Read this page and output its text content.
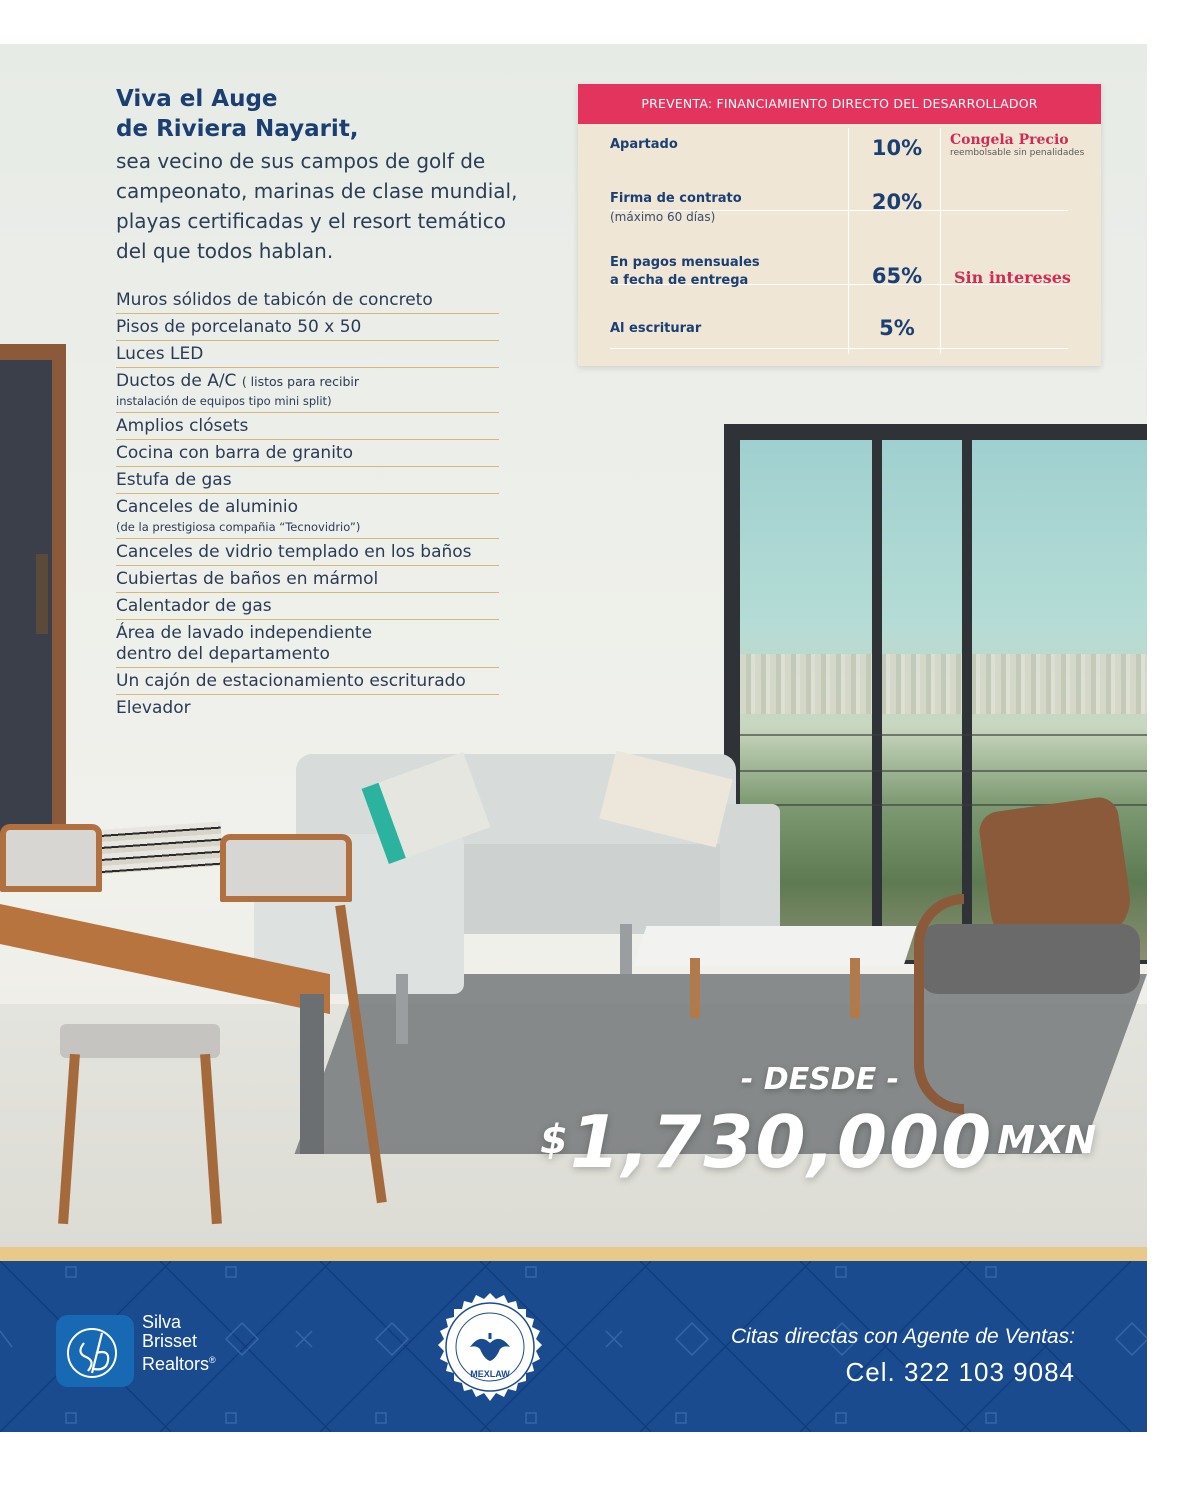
Viva el Auge
de Riviera Nayarit,
sea vecino de sus campos de golf de campeonato, marinas de clase mundial, playas certificadas y el resort temático del que todos hablan.
Muros sólidos de tabicón de concreto
Pisos de porcelanato 50 x 50
Luces LED
Ductos de A/C ( listos para recibir
instalación de equipos tipo mini split)
Amplios clósets
Cocina con barra de granito
Estufa de gas
Canceles de aluminio
(de la prestigiosa compañia “Tecnovidrio”)
Canceles de vidrio templado en los baños
Cubiertas de baños en mármol
Calentador de gas
Área de lavado independiente
dentro del departamento
Un cajón de estacionamiento escriturado
Elevador
PREVENTA: FINANCIAMIENTO DIRECTO DEL DESARROLLADOR
Apartado	10%	Congela Precio
reembolsable sin penalidades
Firma de contrato
(máximo 60 días)
20%
En pagos mensuales
a fecha de entrega	65%	Sin intereses
Al escriturar	5%
- DESDE -
$1,730,000 MXN
Silva
Brisset
Realtors®
MEXLAW
Citas directas con Agente de Ventas:
Cel. 322 103 9084
